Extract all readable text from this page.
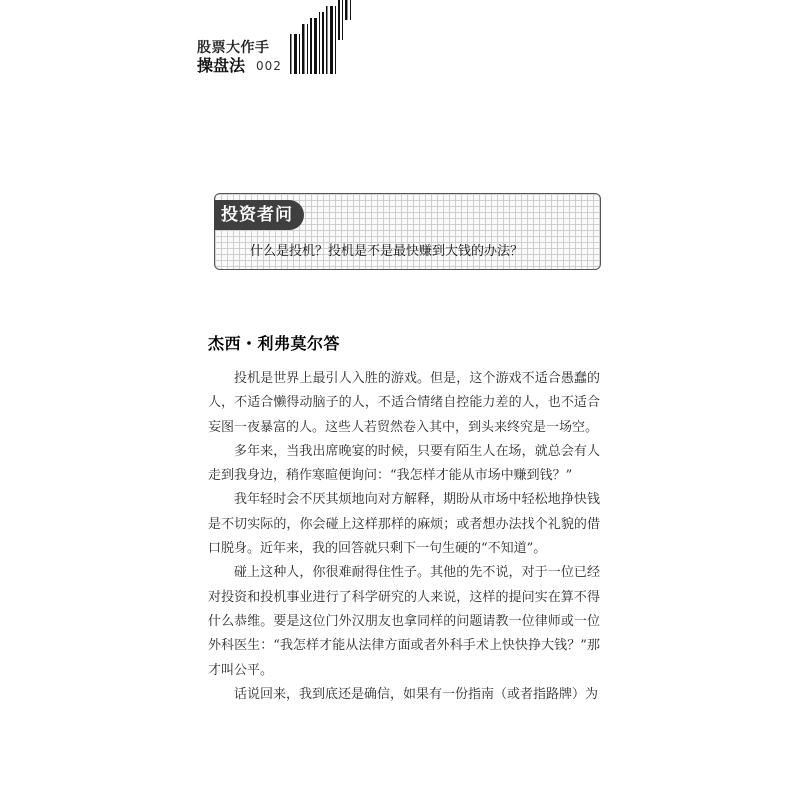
股票大作手
操盘法 002
投资者问
什么是投机？投机是不是最快赚到大钱的办法？
杰西・利弗莫尔答

投机是世界上最引人入胜的游戏。但是，这个游戏不适合愚蠢的人，不适合懒得动脑子的人，不适合情绪自控能力差的人，也不适合妄图一夜暴富的人。这些人若贸然卷入其中，到头来终究是一场空。

多年来，当我出席晚宴的时候，只要有陌生人在场，就总会有人走到我身边，稍作寒暄便询问：“我怎样才能从市场中赚到钱？”

我年轻时会不厌其烦地向对方解释，期盼从市场中轻松地挣快钱是不切实际的，你会碰上这样那样的麻烦；或者想办法找个礼貌的借口脱身。近年来，我的回答就只剩下一句生硬的“不知道”。

碰上这种人，你很难耐得住性子。其他的先不说，对于一位已经对投资和投机事业进行了科学研究的人来说，这样的提问实在算不得什么恭维。要是这位门外汉朋友也拿同样的问题请教一位律师或一位外科医生：“我怎样才能从法律方面或者外科手术上快快挣大钱？”那才叫公平。

话说回来，我到底还是确信，如果有一份指南（或者指路牌）为
